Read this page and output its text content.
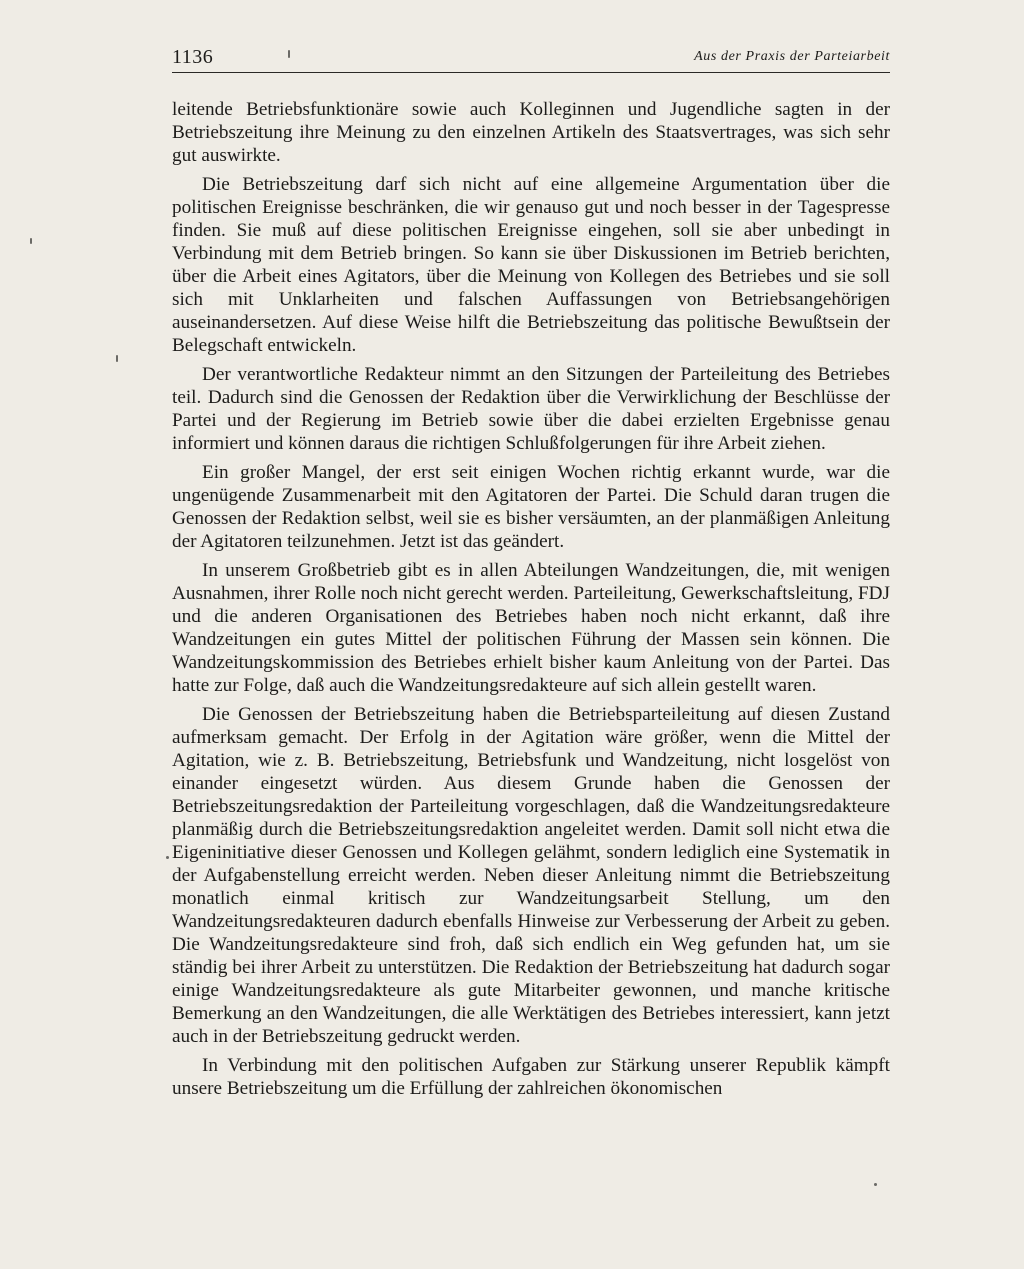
1136	Aus der Praxis der Parteiarbeit

leitende Betriebsfunktionäre sowie auch Kolleginnen und Jugendliche sagten in der Betriebszeitung ihre Meinung zu den einzelnen Artikeln des Staatsvertrages, was sich sehr gut auswirkte.

Die Betriebszeitung darf sich nicht auf eine allgemeine Argumentation über die politischen Ereignisse beschränken, die wir genauso gut und noch besser in der Tagespresse finden. Sie muß auf diese politischen Ereignisse eingehen, soll sie aber unbedingt in Verbindung mit dem Betrieb bringen. So kann sie über Diskussionen im Betrieb berichten, über die Arbeit eines Agitators, über die Meinung von Kollegen des Betriebes und sie soll sich mit Unklarheiten und falschen Auffassungen von Betriebsangehörigen auseinandersetzen. Auf diese Weise hilft die Betriebszeitung das politische Bewußtsein der Belegschaft entwickeln.

Der verantwortliche Redakteur nimmt an den Sitzungen der Parteileitung des Betriebes teil. Dadurch sind die Genossen der Redaktion über die Verwirklichung der Beschlüsse der Partei und der Regierung im Betrieb sowie über die dabei erzielten Ergebnisse genau informiert und können daraus die richtigen Schlußfolgerungen für ihre Arbeit ziehen.

Ein großer Mangel, der erst seit einigen Wochen richtig erkannt wurde, war die ungenügende Zusammenarbeit mit den Agitatoren der Partei. Die Schuld daran trugen die Genossen der Redaktion selbst, weil sie es bisher versäumten, an der planmäßigen Anleitung der Agitatoren teilzunehmen. Jetzt ist das geändert.

In unserem Großbetrieb gibt es in allen Abteilungen Wandzeitungen, die, mit wenigen Ausnahmen, ihrer Rolle noch nicht gerecht werden. Parteileitung, Gewerkschaftsleitung, FDJ und die anderen Organisationen des Betriebes haben noch nicht erkannt, daß ihre Wandzeitungen ein gutes Mittel der politischen Führung der Massen sein können. Die Wandzeitungskommission des Betriebes erhielt bisher kaum Anleitung von der Partei. Das hatte zur Folge, daß auch die Wandzeitungsredakteure auf sich allein gestellt waren.

Die Genossen der Betriebszeitung haben die Betriebsparteileitung auf diesen Zustand aufmerksam gemacht. Der Erfolg in der Agitation wäre größer, wenn die Mittel der Agitation, wie z. B. Betriebszeitung, Betriebsfunk und Wandzeitung, nicht losgelöst von einander eingesetzt würden. Aus diesem Grunde haben die Genossen der Betriebszeitungsredaktion der Parteileitung vorgeschlagen, daß die Wandzeitungsredakteure planmäßig durch die Betriebszeitungsredaktion angeleitet werden. Damit soll nicht etwa die Eigeninitiative dieser Genossen und Kollegen gelähmt, sondern lediglich eine Systematik in der Aufgabenstellung erreicht werden. Neben dieser Anleitung nimmt die Betriebszeitung monatlich einmal kritisch zur Wandzeitungsarbeit Stellung, um den Wandzeitungsredakteuren dadurch ebenfalls Hinweise zur Verbesserung der Arbeit zu geben. Die Wandzeitungsredakteure sind froh, daß sich endlich ein Weg gefunden hat, um sie ständig bei ihrer Arbeit zu unterstützen. Die Redaktion der Betriebszeitung hat dadurch sogar einige Wandzeitungsredakteure als gute Mitarbeiter gewonnen, und manche kritische Bemerkung an den Wandzeitungen, die alle Werktätigen des Betriebes interessiert, kann jetzt auch in der Betriebszeitung gedruckt werden.

In Verbindung mit den politischen Aufgaben zur Stärkung unserer Republik kämpft unsere Betriebszeitung um die Erfüllung der zahlreichen ökonomischen
